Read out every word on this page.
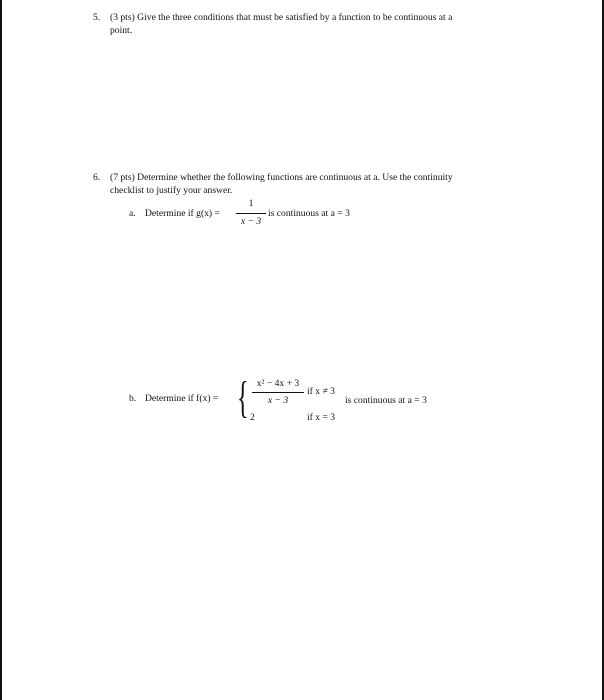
5. (3 pts) Give the three conditions that must be satisfied by a function to be continuous at a
point.
6. (7 pts) Determine whether the following functions are continuous at a. Use the continuity
checklist to justify your answer.
a. Determine if g(x) =
1
x − 3
is continuous at a = 3
b. Determine if f(x) = { x² − 4x + 3
x − 3
if x ≠ 3
2	if x = 3
is continuous at a = 3
